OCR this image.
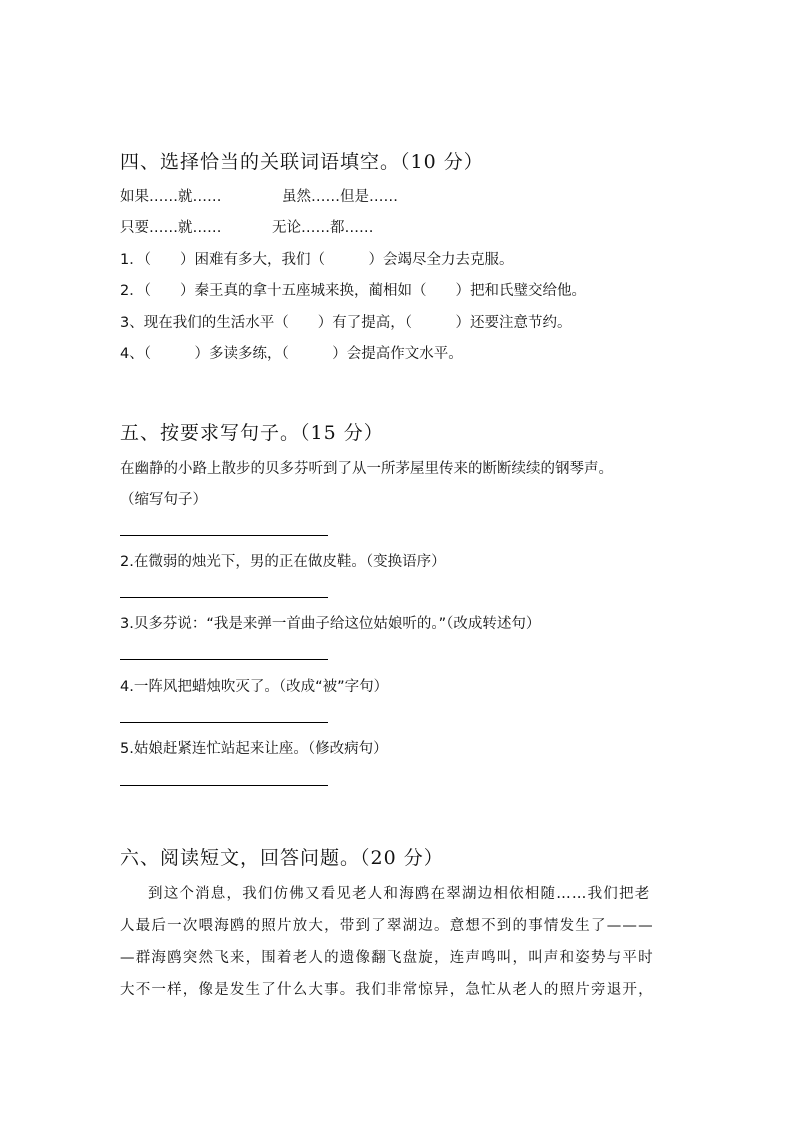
四、选择恰当的关联词语填空。（10 分）
如果……就……	虽然……但是……
只要……就……	无论……都……
1．（　　）困难有多大，我们（　　　）会竭尽全力去克服。
2．（　　）秦王真的拿十五座城来换，蔺相如（　　）把和氏璧交给他。
3、现在我们的生活水平（　　）有了提高，（　　　）还要注意节约。
4、（　　　）多读多练，（　　　）会提高作文水平。
五、按要求写句子。（15 分）
在幽静的小路上散步的贝多芬听到了从一所茅屋里传来的断断续续的钢琴声。
（缩写句子）
2.在微弱的烛光下，男的正在做皮鞋。（变换语序）
3.贝多芬说：“我是来弹一首曲子给这位姑娘听的。”（改成转述句）
4.一阵风把蜡烛吹灭了。（改成“被”字句）
5.姑娘赶紧连忙站起来让座。（修改病句）
六、阅读短文，回答问题。（20 分）
到这个消息，我们仿佛又看见老人和海鸥在翠湖边相依相随……我们把老
人最后一次喂海鸥的照片放大，带到了翠湖边。意想不到的事情发生了———
—群海鸥突然飞来，围着老人的遗像翻飞盘旋，连声鸣叫，叫声和姿势与平时
大不一样，像是发生了什么大事。我们非常惊异，急忙从老人的照片旁退开，
